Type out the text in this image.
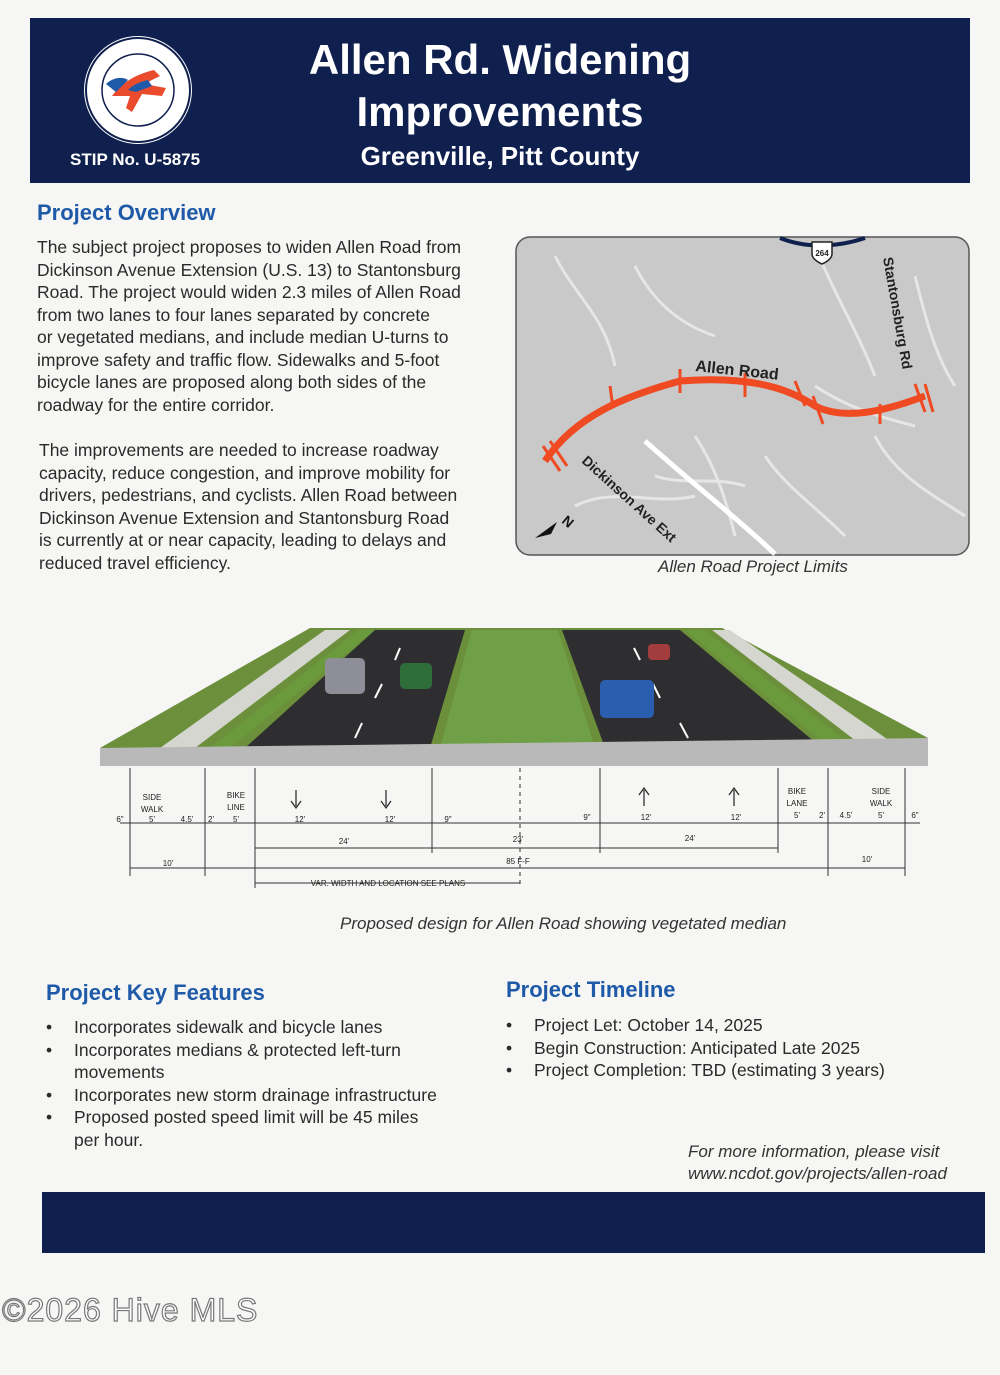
STIP No. U-5875
Allen Rd. Widening
Improvements
Greenville, Pitt County
Project Overview
The subject project proposes to widen Allen Road from
Dickinson Avenue Extension (U.S. 13) to Stantonsburg
Road. The project would widen 2.3 miles of Allen Road
from two lanes to four lanes separated by concrete
or vegetated medians, and include median U-turns to
improve safety and traffic flow. Sidewalks and 5-foot
bicycle lanes are proposed along both sides of the
roadway for the entire corridor.
The improvements are needed to increase roadway
capacity, reduce congestion, and improve mobility for
drivers, pedestrians, and cyclists. Allen Road between
Dickinson Avenue Extension and Stantonsburg Road
is currently at or near capacity, leading to delays and
reduced travel efficiency.
264
Allen Road
Stantonsburg Rd
Dickinson Ave Ext
N
Allen Road Project Limits
SIDE
WALK
5'
BIKE
LINE
5'
BIKE
LANE
5'
SIDE
WALK
5'
6"	4.5' 2'	12'	12'	9"	9"	12'	12'	2' 4.5'	6"
24'	23'	24'
10'	85 F-F	10'
VAR. WIDTH AND LOCATION SEE PLANS
Proposed design for Allen Road showing vegetated median
Project Key Features
• Incorporates sidewalk and bicycle lanes
• Incorporates medians & protected left-turn
movements
• Incorporates new storm drainage infrastructure
• Proposed posted speed limit will be 45 miles
per hour.
Project Timeline
• Project Let: October 14, 2025
• Begin Construction: Anticipated Late 2025
• Project Completion: TBD (estimating 3 years)
For more information, please visit
www.ncdot.gov/projects/allen-road
©2026 Hive MLS
